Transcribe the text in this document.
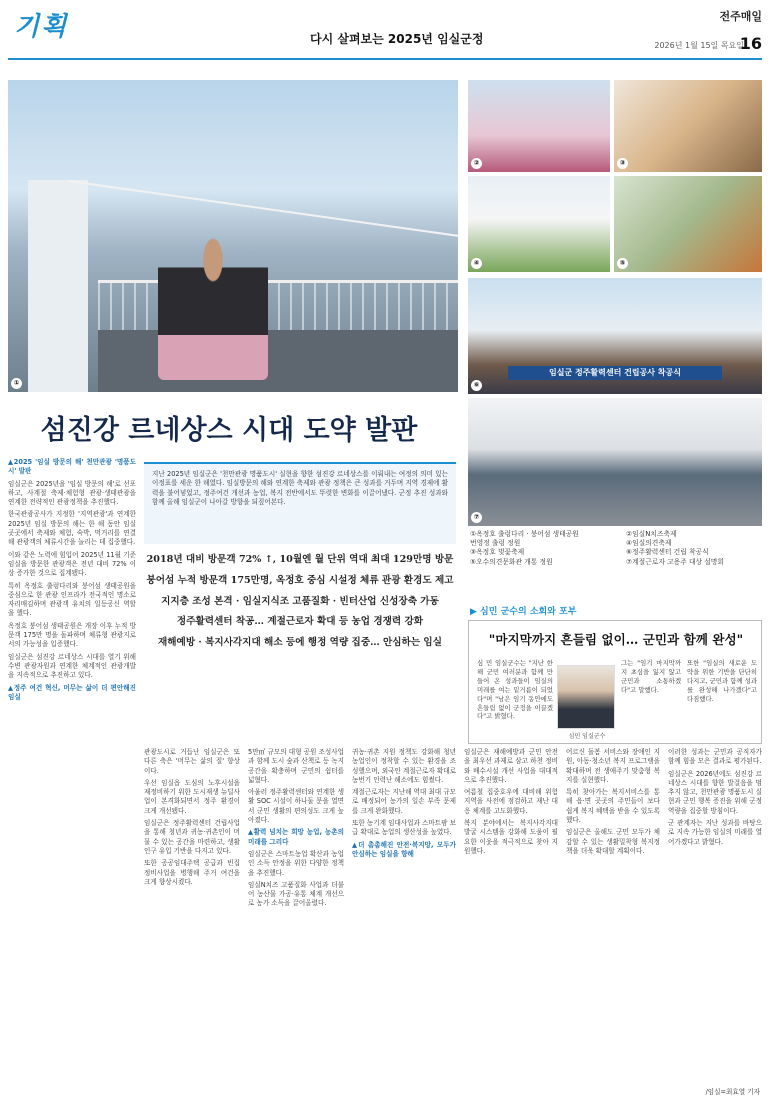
기획	전주매일
다시 살펴보는 2025년 임실군정	2026년 1월 15일 목요일
16
①
②	③
④	⑤
임실군 정주활력센터 건립공사 착공식
⑥
⑦
섬진강 르네상스 시대 도약 발판

▲2025 '임실 방문의 해' 천만관광 '명품도시' 발판

임실군은 2025년을 '임실 방문의 해'로 선포하고, 사계절 축제·체험형 관광·생태관광을 연계한 전략적인 관광정책을 추진했다.

한국관광공사가 지정한 '지역관광'과 연계한 2025년 임실 방문의 해는 한 해 동안 임실 곳곳에서 축제와 체험, 숙박, 먹거리를 연결해 관광객의 체류시간을 늘리는 데 집중했다.

이와 같은 노력에 힘입어 2025년 11월 기준 임실을 방문한 관광객은 전년 대비 72% 이상 증가한 것으로 집계됐다.

특히 옥정호 출렁다리와 붕어섬 생태공원을 중심으로 한 관광 인프라가 전국적인 명소로 자리매김하며 관광객 유치의 일등공신 역할을 했다.

옥정호 붕어섬 생태공원은 개장 이후 누적 방문객 175만 명을 돌파하며 체류형 관광지로서의 가능성을 입증했다.

임실군은 섬진강 르네상스 시대를 열기 위해 수변 관광자원과 연계한 체계적인 관광개발을 지속적으로 추진하고 있다.

▲정주 여건 혁신, 머무는 삶이 더 편안해진 임실

지난 2025년 임실군은 '천만관광 명품도시' 실현을 향한 섬진강 르네상스를 이뤄내는 여정의 의미 있는 이정표를 세운 한 해였다. 임실방문의 해와 연계한 축제와 관광 정책은 큰 성과를 거두며 지역 경제에 활력을 불어넣었고, 정주여건 개선과 농업, 복지 전반에서도 뚜렷한 변화를 이끌어냈다. 군정 추진 성과와 함께 올해 임실군이 나아갈 방향을 되짚어본다.
2018년 대비 방문객 72% ↑, 10월엔 월 단위 역대 최대 129만명 방문
붕어섬 누적 방문객 175만명, 옥정호 중심 시설정 체류 관광 환경도 제고
지지층 조성 본격 · 임실지식조 고품질화 · 빈터산업 신성장축 가동
정주활력센터 착공… 계절근로자 확대 등 농업 경쟁력 강화
재해예방 · 복지사각지대 해소 등에 행정 역량 집중… 안심하는 임실

관광도시로 거듭난 임실군은 또 다른 축은 '머무는 삶의 질' 향상이다.

우선 임실읍 도심의 노후시설을 재정비하기 위한 도시재생 뉴딜사업이 본격화되면서 정주 환경이 크게 개선됐다.

임실군은 정주활력센터 건립사업을 통해 청년과 귀농·귀촌인이 머물 수 있는 공간을 마련하고, 생활인구 유입 기반을 다지고 있다.

또한 공공임대주택 공급과 빈집 정비사업을 병행해 주거 여건을 크게 향상시켰다.

5만㎡ 규모의 대형 공원 조성사업과 함께 도시 숲과 산책로 등 녹지 공간을 확충하며 군민의 쉼터를 넓혔다.

아울러 정주활력센터와 연계한 생활 SOC 시설이 하나둘 문을 열면서 군민 생활의 편의성도 크게 높아졌다.

▲활력 넘치는 희망 농업, 농촌의 미래를 그리다

임실군은 스마트농업 확산과 농업인 소득 안정을 위한 다양한 정책을 추진했다.

임실N치즈 고품질화 사업과 더불어 농산물 가공·유통 체계 개선으로 농가 소득을 끌어올렸다.

귀농·귀촌 지원 정책도 강화해 청년 농업인이 정착할 수 있는 환경을 조성했으며, 외국인 계절근로자 확대로 농번기 인력난 해소에도 힘썼다.

계절근로자는 지난해 역대 최대 규모로 배정되어 농가의 일손 부족 문제를 크게 완화했다.

또한 농기계 임대사업과 스마트팜 보급 확대로 농업의 생산성을 높였다.

▲더 촘촘해진 안전·복지망, 모두가 안심하는 임실을 향해

임실군은 재해예방과 군민 안전을 최우선 과제로 삼고 하천 정비와 배수시설 개선 사업을 대대적으로 추진했다.

여름철 집중호우에 대비해 위험지역을 사전에 점검하고 재난 대응 체계를 고도화했다.

복지 분야에서는 복지사각지대 발굴 시스템을 강화해 도움이 필요한 이웃을 적극적으로 찾아 지원했다.

어르신 돌봄 서비스와 장애인 지원, 아동·청소년 복지 프로그램을 확대하며 전 생애주기 맞춤형 복지를 실현했다.

특히 찾아가는 복지서비스를 통해 읍·면 곳곳의 주민들이 보다 쉽게 복지 혜택을 받을 수 있도록 했다.

임실군은 올해도 군민 모두가 체감할 수 있는 생활밀착형 복지정책을 더욱 확대할 계획이다.

이러한 성과는 군민과 공직자가 함께 힘을 모은 결과로 평가된다.

임실군은 2026년에도 섬진강 르네상스 시대를 향한 발걸음을 멈추지 않고, 천만관광 명품도시 실현과 군민 행복 증진을 위해 군정 역량을 집중할 방침이다.

군 관계자는 지난 성과를 바탕으로 지속 가능한 임실의 미래를 열어가겠다고 밝혔다.

①옥정호 출렁다리 · 붕어섬 생태공원
번영정 출렁 정원
③옥정호 벚꽃축제
⑤오수의견문화관 개통 정원
②임실N치즈축제
④임실의견축제
⑥정주활력센터 건립 착공식
⑦계절근로자 고용주 대상 설명회
▶ 심민 군수의 소회와 포부
"마지막까지 흔들림 없이… 군민과 함께 완성"
심 민 임실군수는 "지난 한 해 군민 여러분과 함께 만들어 온 성과들이 임실의 미래를 여는 밑거름이 되었다"며 "남은 임기 동안에도 흔들림 없이 군정을 이끌겠다"고 밝혔다.
심민 임실군수
그는 "임기 마지막까지 초심을 잃지 않고 군민과 소통하겠다"고 말했다.
또한 "임실의 새로운 도약을 위한 기반을 단단히 다지고, 군민과 함께 성과를 완성해 나가겠다"고 다짐했다.
/임실=최효열 기자
